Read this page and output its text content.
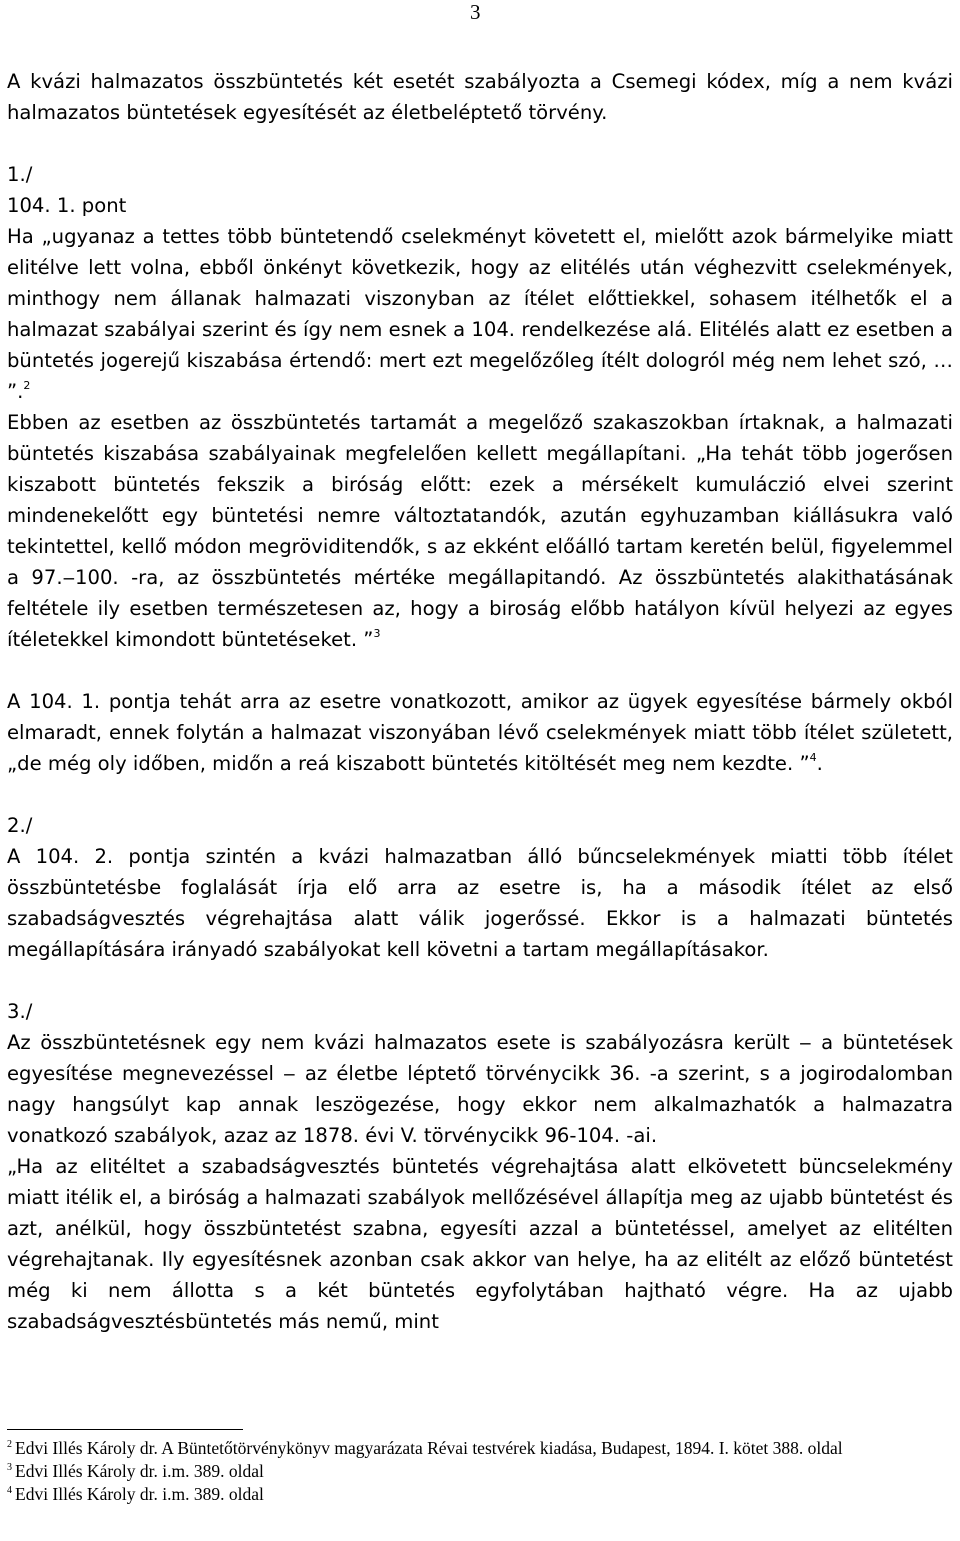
3

A kvázi halmazatos összbüntetés két esetét szabályozta a Csemegi kódex, míg a nem kvázi halmazatos büntetések egyesítését az életbeléptető törvény.

1./

104. 1. pont

Ha „ugyanaz a tettes több büntetendő cselekményt követett el, mielőtt azok bármelyike miatt elitélve lett volna, ebből önkényt következik, hogy az elitélés után véghezvitt cselekmények, minthogy nem állanak halmazati viszonyban az ítélet előttiekkel, sohasem itélhetők el a halmazat szabályai szerint és így nem esnek a 104. rendelkezése alá. Elitélés alatt ez esetben a büntetés jogerejű kiszabása értendő: mert ezt megelőzőleg ítélt dologról még nem lehet szó, … ”.$^2$

Ebben az esetben az összbüntetés tartamát a megelőző szakaszokban írtaknak, a halmazati büntetés kiszabása szabályainak megfelelően kellett megállapítani. „Ha tehát több jogerősen kiszabott büntetés fekszik a biróság előtt: ezek a mérsékelt kumuláczió elvei szerint mindenekelőtt egy büntetési nemre változtatandók, azután egyhuzamban kiállásukra való tekintettel, kellő módon megröviditendők, s az ekként előálló tartam keretén belül, figyelemmel a 97.‒100. -ra, az összbüntetés mértéke megállapitandó. Az összbüntetés alakithatásának feltétele ily esetben természetesen az, hogy a biroság előbb hatályon kívül helyezi az egyes ítéletekkel kimondott büntetéseket. ”$^3$

A 104. 1. pontja tehát arra az esetre vonatkozott, amikor az ügyek egyesítése bármely okból elmaradt, ennek folytán a halmazat viszonyában lévő cselekmények miatt több ítélet született, „de még oly időben, midőn a reá kiszabott büntetés kitöltését meg nem kezdte. ”$^4$.

2./

A 104. 2. pontja szintén a kvázi halmazatban álló bűncselekmények miatti több ítélet összbüntetésbe foglalását írja elő arra az esetre is, ha a második ítélet az első szabadságvesztés végrehajtása alatt válik jogerőssé. Ekkor is a halmazati büntetés megállapítására irányadó szabályokat kell követni a tartam megállapításakor.

3./

Az összbüntetésnek egy nem kvázi halmazatos esete is szabályozásra került ‒ a büntetések egyesítése megnevezéssel ‒ az életbe léptető törvénycikk 36. -a szerint, s a jogirodalomban nagy hangsúlyt kap annak leszögezése, hogy ekkor nem alkalmazhatók a halmazatra vonatkozó szabályok, azaz az 1878. évi V. törvénycikk 96-104. -ai.

„Ha az elitéltet a szabadságvesztés büntetés végrehajtása alatt elkövetett büncselekmény miatt itélik el, a biróság a halmazati szabályok mellőzésével állapítja meg az ujabb büntetést és azt, anélkül, hogy összbüntetést szabna, egyesíti azzal a büntetéssel, amelyet az elitélten végrehajtanak. Ily egyesítésnek azonban csak akkor van helye, ha az elitélt az előző büntetést még ki nem állotta s a két büntetés egyfolytában hajtható végre. Ha az ujabb szabadságvesztésbüntetés más nemű, mint

$^2$ Edvi Illés Károly dr. A Büntetőtörvénykönyv magyarázata Révai testvérek kiadása, Budapest, 1894. I. kötet 388. oldal
$^3$ Edvi Illés Károly dr. i.m. 389. oldal
$^4$ Edvi Illés Károly dr. i.m. 389. oldal
